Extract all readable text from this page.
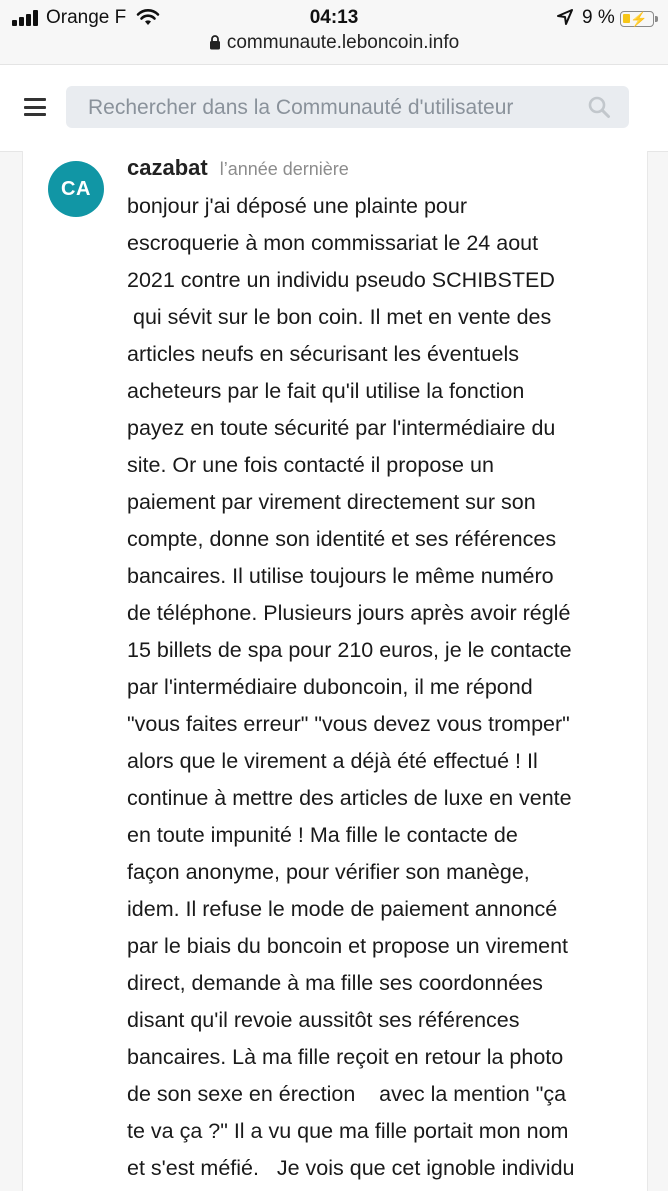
Orange F	04:13	9 % ⚡
communaute.leboncoin.info
Rechercher dans la Communauté d'utilisateur
CA
cazabat l’année dernière
bonjour j'ai déposé une plainte pour
escroquerie à mon commissariat le 24 aout
2021 contre un individu pseudo SCHIBSTED
qui sévit sur le bon coin. Il met en vente des
articles neufs en sécurisant les éventuels
acheteurs par le fait qu'il utilise la fonction
payez en toute sécurité par l'intermédiaire du
site. Or une fois contacté il propose un
paiement par virement directement sur son
compte, donne son identité et ses références
bancaires. Il utilise toujours le même numéro
de téléphone. Plusieurs jours après avoir réglé
15 billets de spa pour 210 euros, je le contacte
par l'intermédiaire duboncoin, il me répond
"vous faites erreur" "vous devez vous tromper"
alors que le virement a déjà été effectué ! Il
continue à mettre des articles de luxe en vente
en toute impunité ! Ma fille le contacte de
façon anonyme, pour vérifier son manège,
idem. Il refuse le mode de paiement annoncé
par le biais du boncoin et propose un virement
direct, demande à ma fille ses coordonnées
disant qu'il revoie aussitôt ses références
bancaires. Là ma fille reçoit en retour la photo
de son sexe en érection    avec la mention "ça
te va ça ?" Il a vu que ma fille portait mon nom
et s'est méfié.   Je vois que cet ignoble individu
